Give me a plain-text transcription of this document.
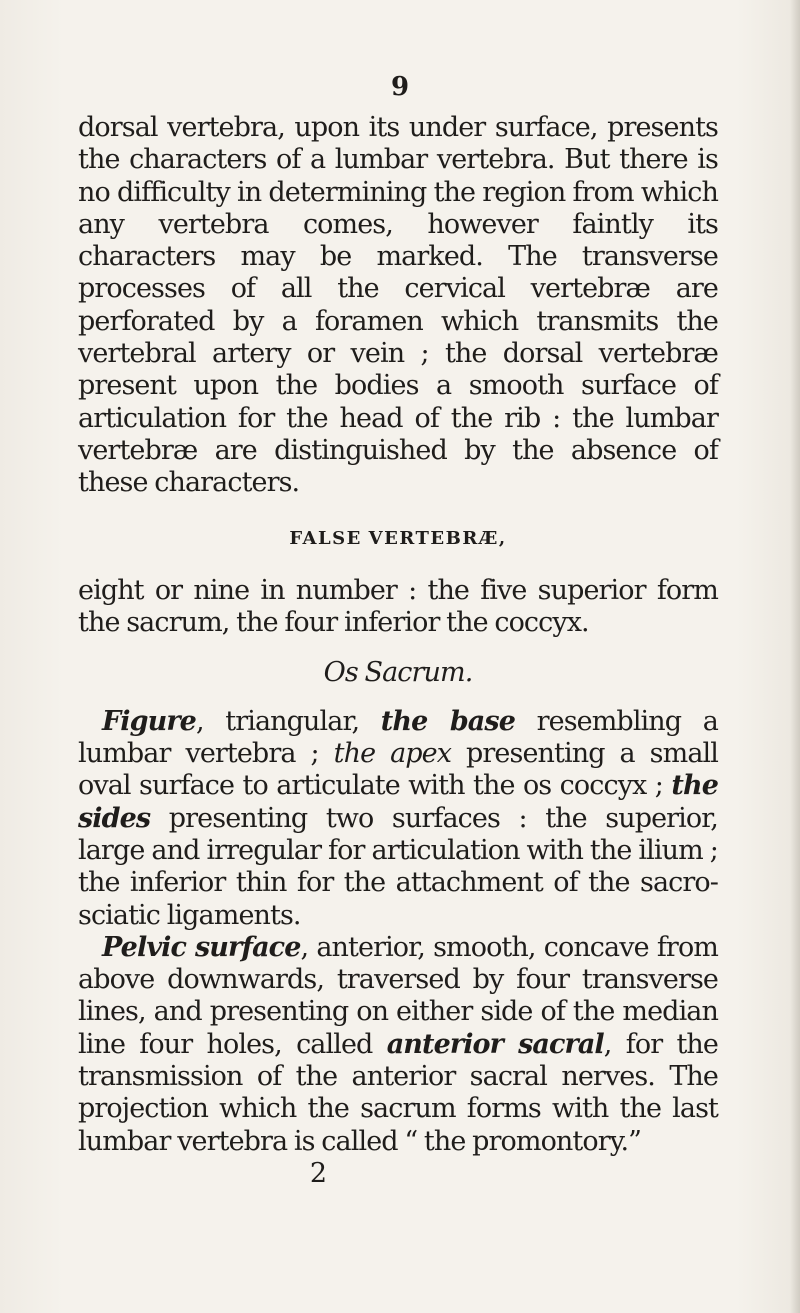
9

dorsal vertebra, upon its under surface, presents the characters of a lumbar vertebra. But there is no difficulty in determining the region from which any vertebra comes, however faintly its characters may be marked. The transverse processes of all the cervical vertebræ are perforated by a foramen which transmits the vertebral artery or vein ; the dorsal vertebræ present upon the bodies a smooth surface of articulation for the head of the rib : the lumbar vertebræ are distinguished by the absence of these characters.

FALSE VERTEBRÆ,

eight or nine in number : the five superior form the sacrum, the four inferior the coccyx.

Os Sacrum.

Figure, triangular, the base resembling a lumbar vertebra ; the apex presenting a small oval surface to articulate with the os coccyx ; the sides presenting two surfaces : the superior, large and irregular for articulation with the ilium ; the inferior thin for the attachment of the sacro-sciatic ligaments.

Pelvic surface, anterior, smooth, concave from above downwards, traversed by four transverse lines, and presenting on either side of the median line four holes, called anterior sacral, for the transmission of the anterior sacral nerves. The projection which the sacrum forms with the last lumbar vertebra is called “ the promontory.”

2
